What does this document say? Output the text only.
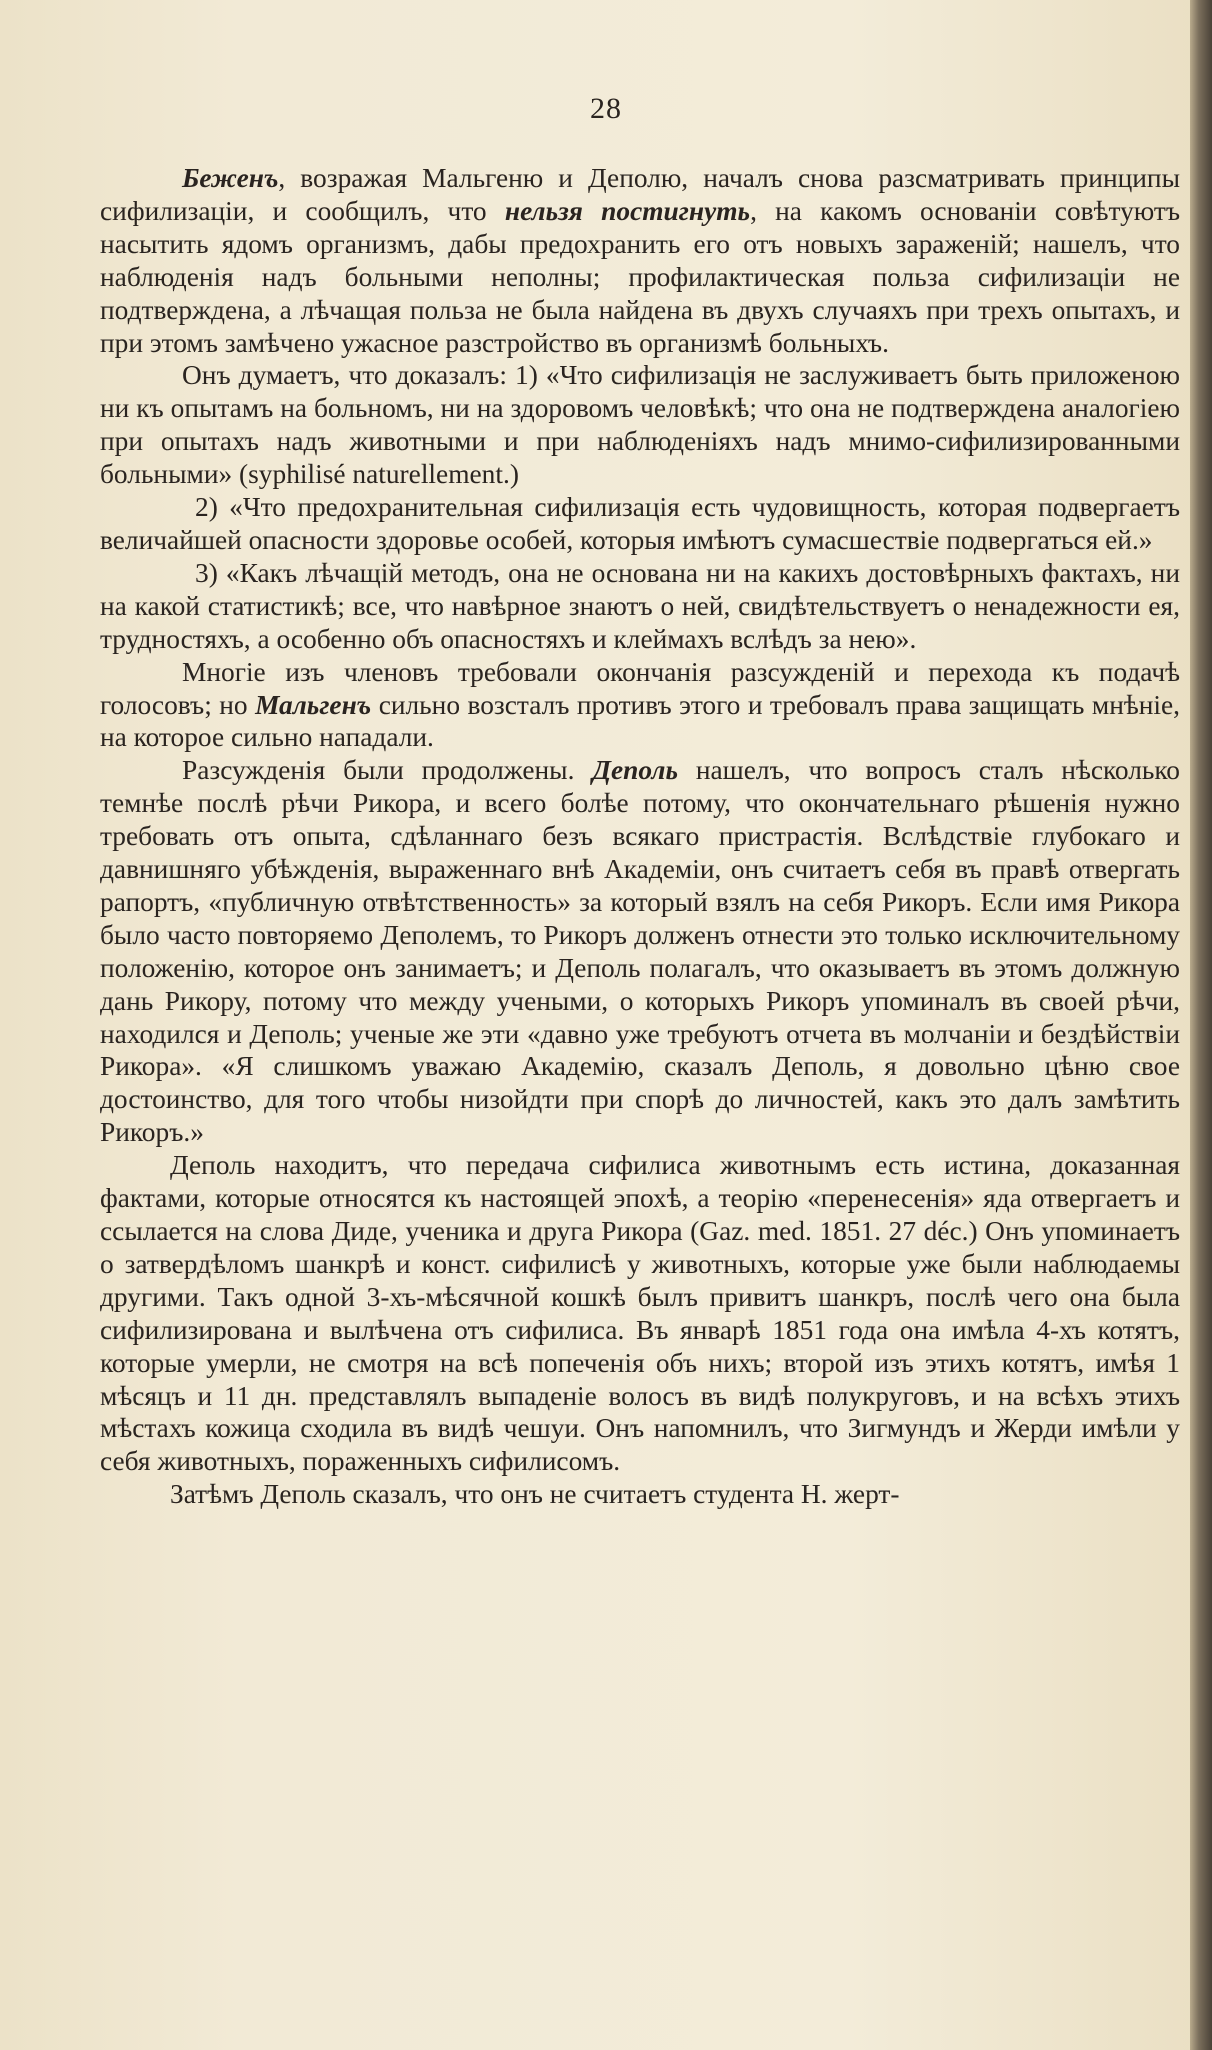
28

Беженъ, возражая Мальгеню и Деполю, началъ снова разсматривать принципы сифилизаціи, и сообщилъ, что нельзя постигнуть, на какомъ основаніи совѣтуютъ насытить ядомъ организмъ, дабы предохранить его отъ новыхъ зараженій; нашелъ, что наблюденія надъ больными неполны; профилактическая польза сифилизаціи не подтверждена, а лѣчащая польза не была найдена въ двухъ случаяхъ при трехъ опытахъ, и при этомъ замѣчено ужасное разстройство въ организмѣ больныхъ.

Онъ думаетъ, что доказалъ: 1) «Что сифилизація не заслуживаетъ быть приложеною ни къ опытамъ на больномъ, ни на здоровомъ человѣкѣ; что она не подтверждена аналогіею при опытахъ надъ животными и при наблюденіяхъ надъ мнимо-сифилизированными больными» (syphilisé naturellement.)

2) «Что предохранительная сифилизація есть чудовищность, которая подвергаетъ величайшей опасности здоровье особей, которыя имѣютъ сумасшествіе подвергаться ей.»

3) «Какъ лѣчащій методъ, она не основана ни на какихъ достовѣрныхъ фактахъ, ни на какой статистикѣ; все, что навѣрное знаютъ о ней, свидѣтельствуетъ о ненадежности ея, трудностяхъ, а особенно объ опасностяхъ и клеймахъ вслѣдъ за нею».

Многіе изъ членовъ требовали окончанія разсужденій и перехода къ подачѣ голосовъ; но Мальгенъ сильно возсталъ противъ этого и требовалъ права защищать мнѣніе, на которое сильно нападали.

Разсужденія были продолжены. Деполь нашелъ, что вопросъ сталъ нѣсколько темнѣе послѣ рѣчи Рикора, и всего болѣе потому, что окончательнаго рѣшенія нужно требовать отъ опыта, сдѣланнаго безъ всякаго пристрастія. Вслѣдствіе глубокаго и давнишняго убѣжденія, выраженнаго внѣ Академіи, онъ считаетъ себя въ правѣ отвергать рапортъ, «публичную отвѣтственность» за который взялъ на себя Рикоръ. Если имя Рикора было часто повторяемо Деполемъ, то Рикоръ долженъ отнести это только исключительному положенію, которое онъ занимаетъ; и Деполь полагалъ, что оказываетъ въ этомъ должную дань Рикору, потому что между учеными, о которыхъ Рикоръ упоминалъ въ своей рѣчи, находился и Деполь; ученые же эти «давно уже требуютъ отчета въ молчаніи и бездѣйствіи Рикора». «Я слишкомъ уважаю Академію, сказалъ Деполь, я довольно цѣню свое достоинство, для того чтобы низойдти при спорѣ до личностей, какъ это далъ замѣтить Рикоръ.»

Деполь находитъ, что передача сифилиса животнымъ есть истина, доказанная фактами, которые относятся къ настоящей эпохѣ, а теорію «перенесенія» яда отвергаетъ и ссылается на слова Диде, ученика и друга Рикора (Gaz. med. 1851. 27 déc.) Онъ упоминаетъ о затвердѣломъ шанкрѣ и конст. сифилисѣ у животныхъ, которые уже были наблюдаемы другими. Такъ одной 3-хъ-мѣсячной кошкѣ былъ привитъ шанкръ, послѣ чего она была сифилизирована и вылѣчена отъ сифилиса. Въ январѣ 1851 года она имѣла 4-хъ котятъ, которые умерли, не смотря на всѣ попеченія объ нихъ; второй изъ этихъ котятъ, имѣя 1 мѣсяцъ и 11 дн. представлялъ выпаденіе волосъ въ видѣ полукруговъ, и на всѣхъ этихъ мѣстахъ кожица сходила въ видѣ чешуи. Онъ напомнилъ, что Зигмундъ и Жерди имѣли у себя животныхъ, пораженныхъ сифилисомъ.

Затѣмъ Деполь сказалъ, что онъ не считаетъ студента Н. жерт-
